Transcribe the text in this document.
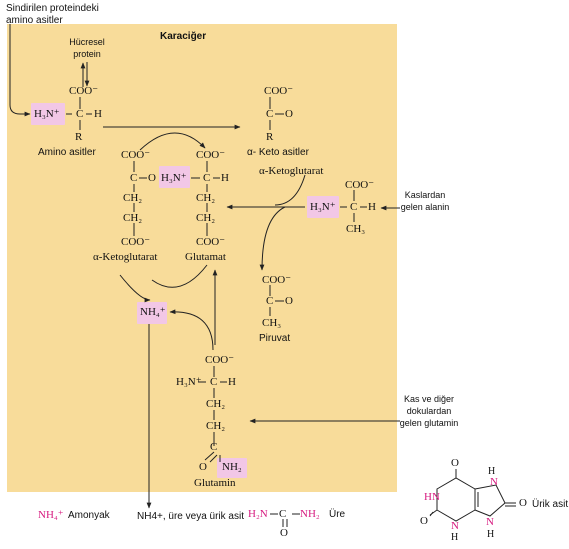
Sindirilen proteindeki amino asitler
Karaciğer
Hücresel protein
COO⁻
H₃N⁺ C H
R
Amino asitler
COO⁻
C O
R
α- Keto asitler
COO⁻
C O
CH₂
CH₂
COO⁻
α-Ketoglutarat
COO⁻
H₃N⁺ C H
CH₂
CH₂
COO⁻
Glutamat
α-Ketoglutarat
COO⁻
H₃N⁺ C H
CH₃
Kaslardan gelen alanin
COO⁻
C O
CH₃
Piruvat
NH₄⁺
COO⁻
H₃N⁺ C H
CH₂
CH₂
C
O NH₂
Glutamin
Kas ve diğer dokulardan gelen glutamin
NH₄⁺ Amonyak	NH4+, üre veya ürik asit H₂N C NH₂
O
Üre
O
HN
N
H
N
H
N
H
O
O
Ürik asit
